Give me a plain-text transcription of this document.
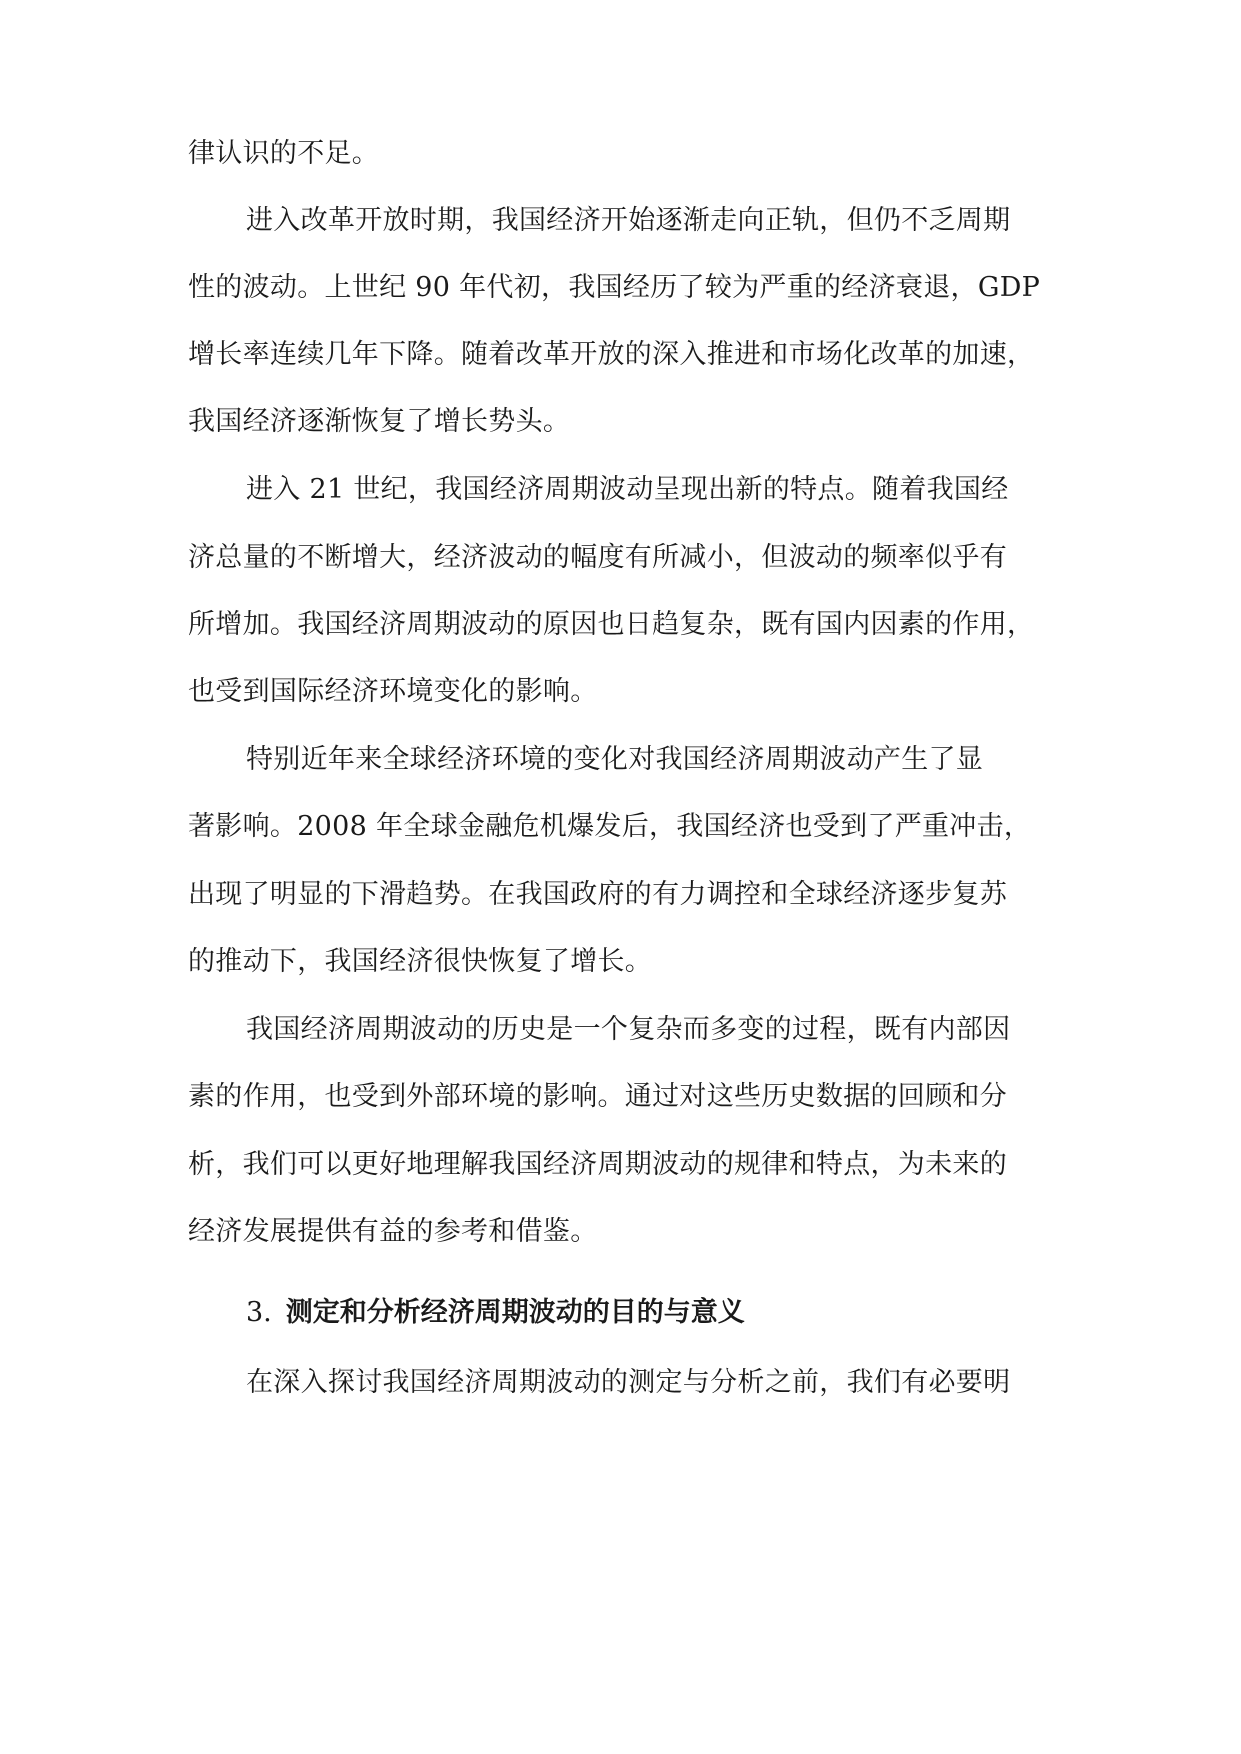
律认识的不足。
进入改革开放时期，我国经济开始逐渐走向正轨，但仍不乏周期
性的波动。上世纪 90 年代初，我国经历了较为严重的经济衰退，GDP
增长率连续几年下降。随着改革开放的深入推进和市场化改革的加速，
我国经济逐渐恢复了增长势头。
进入 21 世纪，我国经济周期波动呈现出新的特点。随着我国经
济总量的不断增大，经济波动的幅度有所减小，但波动的频率似乎有
所增加。我国经济周期波动的原因也日趋复杂，既有国内因素的作用，
也受到国际经济环境变化的影响。
特别近年来全球经济环境的变化对我国经济周期波动产生了显
著影响。2008 年全球金融危机爆发后，我国经济也受到了严重冲击，
出现了明显的下滑趋势。在我国政府的有力调控和全球经济逐步复苏
的推动下，我国经济很快恢复了增长。
我国经济周期波动的历史是一个复杂而多变的过程，既有内部因
素的作用，也受到外部环境的影响。通过对这些历史数据的回顾和分
析，我们可以更好地理解我国经济周期波动的规律和特点，为未来的
经济发展提供有益的参考和借鉴。
3. 测定和分析经济周期波动的目的与意义
在深入探讨我国经济周期波动的测定与分析之前，我们有必要明
